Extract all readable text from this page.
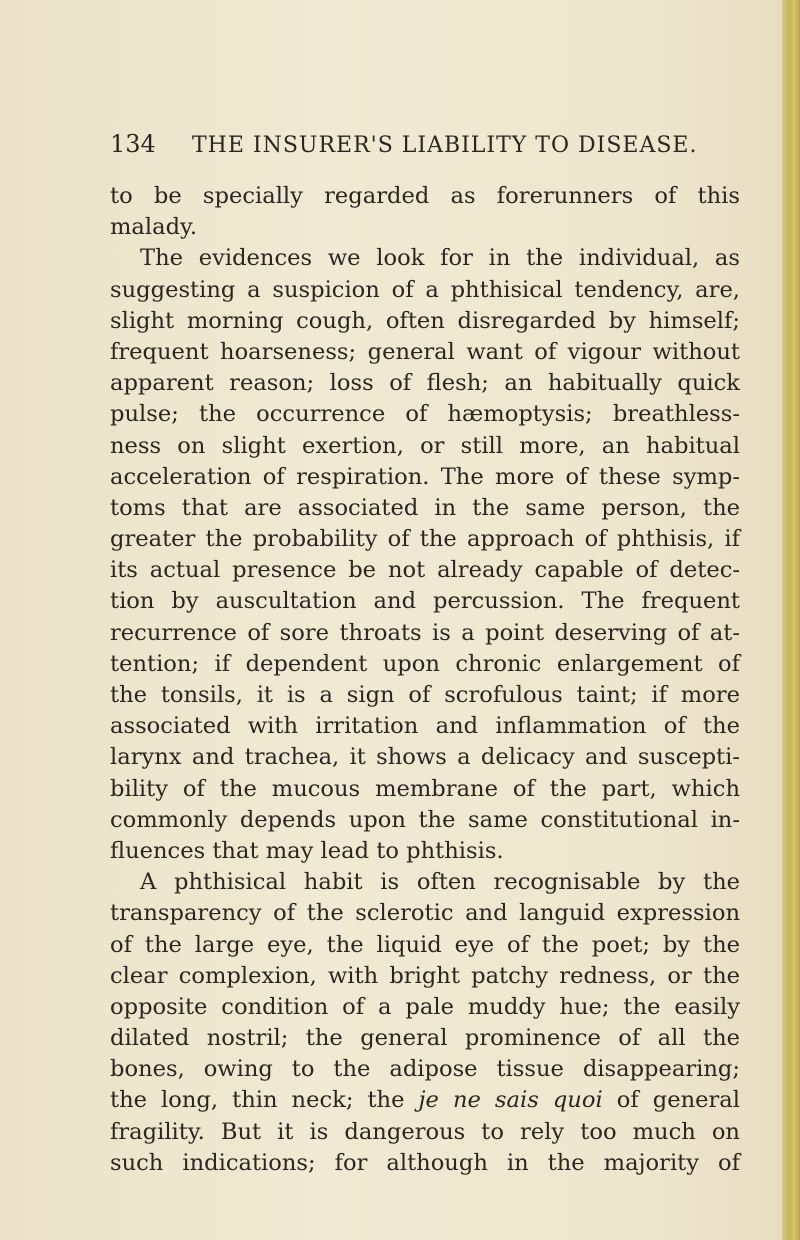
134 THE INSURER'S LIABILITY TO DISEASE.
to be specially regarded as forerunners of this
malady.
The evidences we look for in the individual, as
suggesting a suspicion of a phthisical tendency, are,
slight morning cough, often disregarded by himself;
frequent hoarseness; general want of vigour without
apparent reason; loss of flesh; an habitually quick
pulse; the occurrence of hæmoptysis; breathless-
ness on slight exertion, or still more, an habitual
acceleration of respiration. The more of these symp-
toms that are associated in the same person, the
greater the probability of the approach of phthisis, if
its actual presence be not already capable of detec-
tion by auscultation and percussion. The frequent
recurrence of sore throats is a point deserving of at-
tention; if dependent upon chronic enlargement of
the tonsils, it is a sign of scrofulous taint; if more
associated with irritation and inflammation of the
larynx and trachea, it shows a delicacy and suscepti-
bility of the mucous membrane of the part, which
commonly depends upon the same constitutional in-
fluences that may lead to phthisis.
A phthisical habit is often recognisable by the
transparency of the sclerotic and languid expression
of the large eye, the liquid eye of the poet; by the
clear complexion, with bright patchy redness, or the
opposite condition of a pale muddy hue; the easily
dilated nostril; the general prominence of all the
bones, owing to the adipose tissue disappearing;
the long, thin neck; the je ne sais quoi of general
fragility. But it is dangerous to rely too much on
such indications; for although in the majority of
